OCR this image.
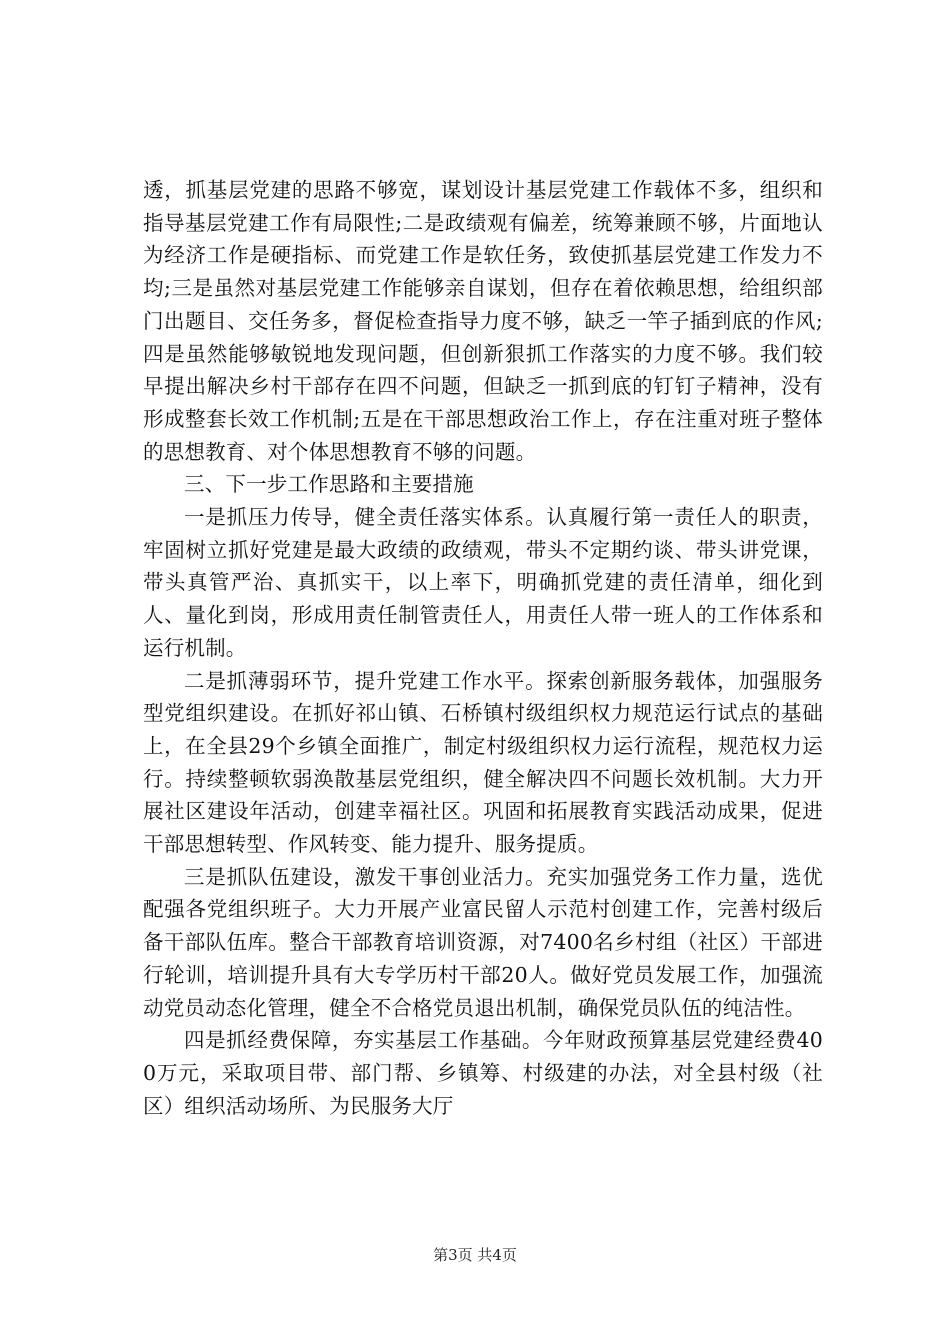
透，抓基层党建的思路不够宽，谋划设计基层党建工作载体不多，组织和指导基层党建工作有局限性;二是政绩观有偏差，统筹兼顾不够，片面地认为经济工作是硬指标、而党建工作是软任务，致使抓基层党建工作发力不均;三是虽然对基层党建工作能够亲自谋划，但存在着依赖思想，给组织部门出题目、交任务多，督促检查指导力度不够，缺乏一竿子插到底的作风;四是虽然能够敏锐地发现问题，但创新狠抓工作落实的力度不够。我们较早提出解决乡村干部存在四不问题，但缺乏一抓到底的钉钉子精神，没有形成整套长效工作机制;五是在干部思想政治工作上，存在注重对班子整体的思想教育、对个体思想教育不够的问题。

三、下一步工作思路和主要措施

一是抓压力传导，健全责任落实体系。认真履行第一责任人的职责，牢固树立抓好党建是最大政绩的政绩观，带头不定期约谈、带头讲党课，带头真管严治、真抓实干，以上率下，明确抓党建的责任清单，细化到人、量化到岗，形成用责任制管责任人，用责任人带一班人的工作体系和运行机制。

二是抓薄弱环节，提升党建工作水平。探索创新服务载体，加强服务型党组织建设。在抓好祁山镇、石桥镇村级组织权力规范运行试点的基础上，在全县29个乡镇全面推广，制定村级组织权力运行流程，规范权力运行。持续整顿软弱涣散基层党组织，健全解决四不问题长效机制。大力开展社区建设年活动，创建幸福社区。巩固和拓展教育实践活动成果，促进干部思想转型、作风转变、能力提升、服务提质。

三是抓队伍建设，激发干事创业活力。充实加强党务工作力量，选优配强各党组织班子。大力开展产业富民留人示范村创建工作，完善村级后备干部队伍库。整合干部教育培训资源，对7400名乡村组（社区）干部进行轮训，培训提升具有大专学历村干部20人。做好党员发展工作，加强流动党员动态化管理，健全不合格党员退出机制，确保党员队伍的纯洁性。

四是抓经费保障，夯实基层工作基础。今年财政预算基层党建经费400万元，采取项目带、部门帮、乡镇筹、村级建的办法，对全县村级（社区）组织活动场所、为民服务大厅

第3页 共4页
